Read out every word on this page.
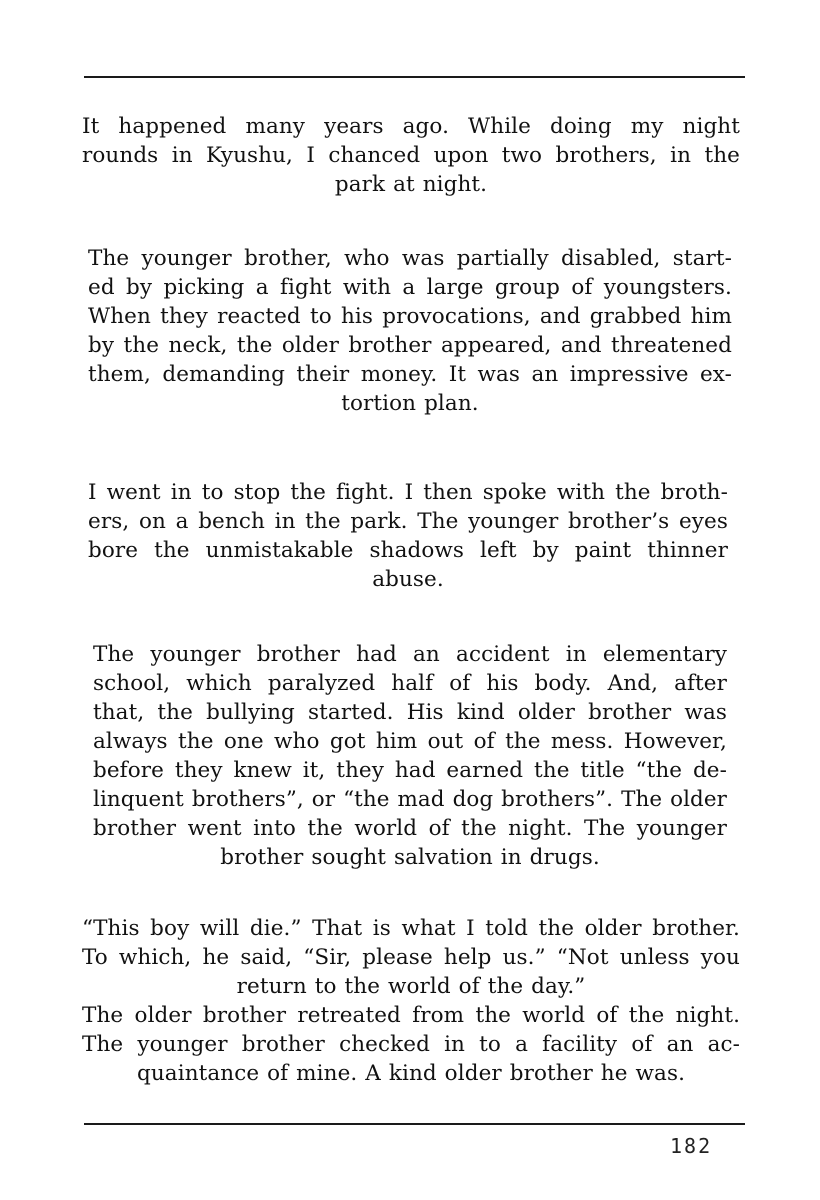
It happened many years ago. While doing my night
rounds in Kyushu, I chanced upon two brothers, in the
park at night.
The younger brother, who was partially disabled, start-
ed by picking a fight with a large group of youngsters.
When they reacted to his provocations, and grabbed him
by the neck, the older brother appeared, and threatened
them, demanding their money. It was an impressive ex-
tortion plan.
I went in to stop the fight. I then spoke with the broth-
ers, on a bench in the park. The younger brother’s eyes
bore the unmistakable shadows left by paint thinner
abuse.
The younger brother had an accident in elementary
school, which paralyzed half of his body. And, after
that, the bullying started. His kind older brother was
always the one who got him out of the mess. However,
before they knew it, they had earned the title “the de-
linquent brothers”, or “the mad dog brothers”. The older
brother went into the world of the night. The younger
brother sought salvation in drugs.
“This boy will die.” That is what I told the older brother.
To which, he said, “Sir, please help us.” “Not unless you
return to the world of the day.”
The older brother retreated from the world of the night.
The younger brother checked in to a facility of an ac-
quaintance of mine. A kind older brother he was.
182
